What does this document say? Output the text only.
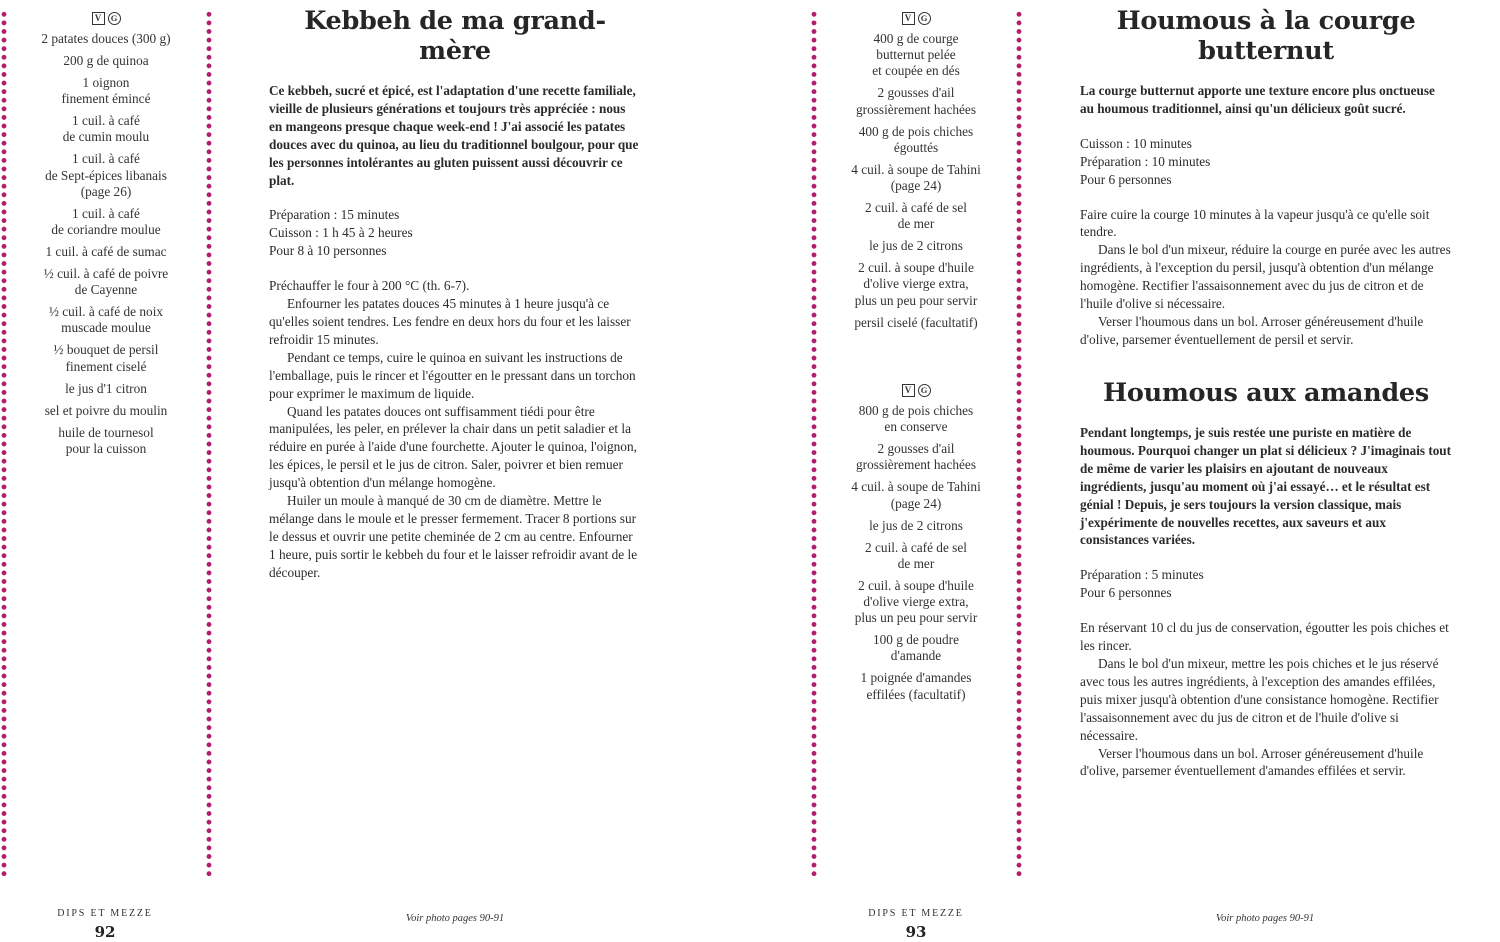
V	G
2 patates douces (300 g)
200 g de quinoa
1 oignon
finement émincé
1 cuil. à café
de cumin moulu
1 cuil. à café
de Sept-épices libanais
(page 26)
1 cuil. à café
de coriandre moulue
1 cuil. à café de sumac
½ cuil. à café de poivre
de Cayenne
½ cuil. à café de noix
muscade moulue
½ bouquet de persil
finement ciselé
le jus d'1 citron
sel et poivre du moulin
huile de tournesol
pour la cuisson
Kebbeh de ma grand-mère
Ce kebbeh, sucré et épicé, est l'adaptation d'une recette familiale, vieille de plusieurs générations et toujours très appréciée : nous en mangeons presque chaque week-end ! J'ai associé les patates douces avec du quinoa, au lieu du traditionnel boulgour, pour que les personnes intolérantes au gluten puissent aussi découvrir ce plat.
Préparation : 15 minutes
Cuisson : 1 h 45 à 2 heures
Pour 8 à 10 personnes

Préchauffer le four à 200 °C (th. 6-7).

Enfourner les patates douces 45 minutes à 1 heure jusqu'à ce qu'elles soient tendres. Les fendre en deux hors du four et les laisser refroidir 15 minutes.

Pendant ce temps, cuire le quinoa en suivant les instructions de l'emballage, puis le rincer et l'égoutter en le pressant dans un torchon pour exprimer le maximum de liquide.

Quand les patates douces ont suffisamment tiédi pour être manipulées, les peler, en prélever la chair dans un petit saladier et la réduire en purée à l'aide d'une fourchette. Ajouter le quinoa, l'oignon, les épices, le persil et le jus de citron. Saler, poivrer et bien remuer jusqu'à obtention d'un mélange homogène.

Huiler un moule à manqué de 30 cm de diamètre. Mettre le mélange dans le moule et le presser fermement. Tracer 8 portions sur le dessus et ouvrir une petite cheminée de 2 cm au centre. Enfourner 1 heure, puis sortir le kebbeh du four et le laisser refroidir avant de le découper.

DIPS ET MEZZE
92
Voir photo pages 90-91
V	G
400 g de courge
butternut pelée
et coupée en dés
2 gousses d'ail
grossièrement hachées
400 g de pois chiches
égouttés
4 cuil. à soupe de Tahini
(page 24)
2 cuil. à café de sel
de mer
le jus de 2 citrons
2 cuil. à soupe d'huile
d'olive vierge extra,
plus un peu pour servir
persil ciselé (facultatif)
V	G
800 g de pois chiches
en conserve
2 gousses d'ail
grossièrement hachées
4 cuil. à soupe de Tahini
(page 24)
le jus de 2 citrons
2 cuil. à café de sel
de mer
2 cuil. à soupe d'huile
d'olive vierge extra,
plus un peu pour servir
100 g de poudre
d'amande
1 poignée d'amandes
effilées (facultatif)
Houmous à la courge butternut
La courge butternut apporte une texture encore plus onctueuse au houmous traditionnel, ainsi qu'un délicieux goût sucré.
Cuisson : 10 minutes
Préparation : 10 minutes
Pour 6 personnes

Faire cuire la courge 10 minutes à la vapeur jusqu'à ce qu'elle soit tendre.

Dans le bol d'un mixeur, réduire la courge en purée avec les autres ingrédients, à l'exception du persil, jusqu'à obtention d'un mélange homogène. Rectifier l'assaisonnement avec du jus de citron et de l'huile d'olive si nécessaire.

Verser l'houmous dans un bol. Arroser généreusement d'huile d'olive, parsemer éventuellement de persil et servir.

Houmous aux amandes
Pendant longtemps, je suis restée une puriste en matière de houmous. Pourquoi changer un plat si délicieux ? J'imaginais tout de même de varier les plaisirs en ajoutant de nouveaux ingrédients, jusqu'au moment où j'ai essayé… et le résultat est génial ! Depuis, je sers toujours la version classique, mais j'expérimente de nouvelles recettes, aux saveurs et aux consistances variées.
Préparation : 5 minutes
Pour 6 personnes

En réservant 10 cl du jus de conservation, égoutter les pois chiches et les rincer.

Dans le bol d'un mixeur, mettre les pois chiches et le jus réservé avec tous les autres ingrédients, à l'exception des amandes effilées, puis mixer jusqu'à obtention d'une consistance homogène. Rectifier l'assaisonnement avec du jus de citron et de l'huile d'olive si nécessaire.

Verser l'houmous dans un bol. Arroser généreusement d'huile d'olive, parsemer éventuellement d'amandes effilées et servir.

DIPS ET MEZZE
93
Voir photo pages 90-91
